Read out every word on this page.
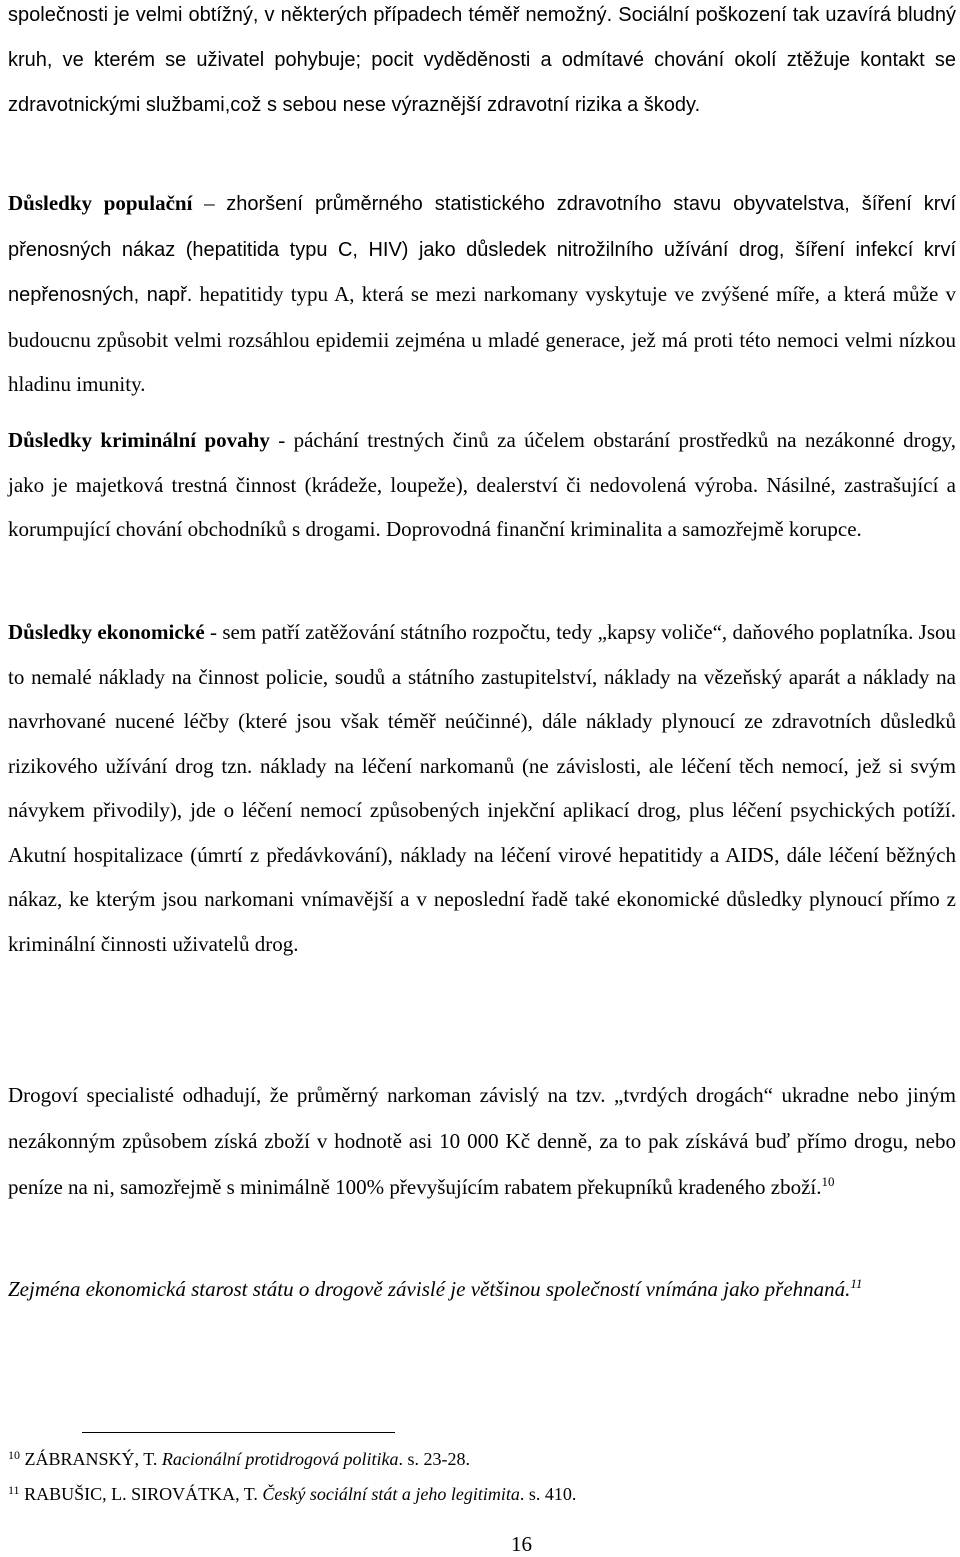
společnosti je velmi obtížný, v některých případech téměř nemožný. Sociální poškození tak uzavírá bludný kruh, ve kterém se uživatel pohybuje; pocit vyděděnosti a odmítavé chování okolí ztěžuje kontakt se zdravotnickými službami,což s sebou nese výraznější zdravotní rizika a škody.

Důsledky populační – zhoršení průměrného statistického zdravotního stavu obyvatelstva, šíření krví přenosných nákaz (hepatitida typu C, HIV) jako důsledek nitrožilního užívání drog, šíření infekcí krví nepřenosných, např. hepatitidy typu A, která se mezi narkomany vyskytuje ve zvýšené míře, a která může v budoucnu způsobit velmi rozsáhlou epidemii zejména u mladé generace, jež má proti této nemoci velmi nízkou hladinu imunity.

Důsledky kriminální povahy - páchání trestných činů za účelem obstarání prostředků na nezákonné drogy, jako je majetková trestná činnost (krádeže, loupeže), dealerství či nedovolená výroba. Násilné, zastrašující a korumpující chování obchodníků s drogami. Doprovodná finanční kriminalita a samozřejmě korupce.

Důsledky ekonomické - sem patří zatěžování státního rozpočtu, tedy „kapsy voliče“, daňového poplatníka. Jsou to nemalé náklady na činnost policie, soudů a státního zastupitelství, náklady na vězeňský aparát a náklady na navrhované nucené léčby (které jsou však téměř neúčinné), dále náklady plynoucí ze zdravotních důsledků rizikového užívání drog tzn. náklady na léčení narkomanů (ne závislosti, ale léčení těch nemocí, jež si svým návykem přivodily), jde o léčení nemocí způsobených injekční aplikací drog, plus léčení psychických potíží. Akutní hospitalizace (úmrtí z předávkování), náklady na léčení virové hepatitidy a AIDS, dále léčení běžných nákaz, ke kterým jsou narkomani vnímavější a v neposlední řadě také ekonomické důsledky plynoucí přímo z kriminální činnosti uživatelů drog.

Drogoví specialisté odhadují, že průměrný narkoman závislý na tzv. „tvrdých drogách“ ukradne nebo jiným nezákonným způsobem získá zboží v hodnotě asi 10 000 Kč denně, za to pak získává buď přímo drogu, nebo peníze na ni, samozřejmě s minimálně 100% převyšujícím rabatem překupníků kradeného zboží.$^{10}$

Zejména ekonomická starost státu o drogově závislé je většinou společností vnímána jako přehnaná.$^{11}$

$^{10}$ ZÁBRANSKÝ, T. Racionální protidrogová politika. s. 23-28.

$^{11}$ RABUŠIC, L. SIROVÁTKA, T. Český sociální stát a jeho legitimita. s. 410.

16
